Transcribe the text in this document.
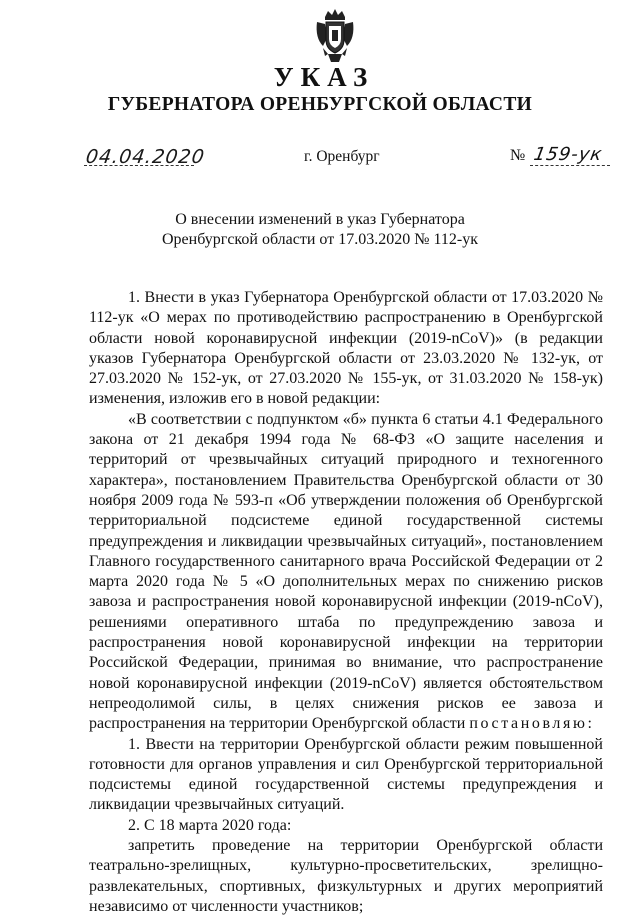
УКАЗ
ГУБЕРНАТОРА ОРЕНБУРГСКОЙ ОБЛАСТИ
04.04.2020	г. Оренбург	№ 159-ук
О внесении изменений в указ Губернатора
Оренбургской области от 17.03.2020 № 112-ук

1. Внести в указ Губернатора Оренбургской области от 17.03.2020 № 112-ук «О мерах по противодействию распространению в Оренбургской области новой коронавирусной инфекции (2019-nCoV)» (в редакции указов Губернатора Оренбургской области от 23.03.2020 № 132-ук, от 27.03.2020 № 152-ук, от 27.03.2020 № 155-ук, от 31.03.2020 № 158-ук) изменения, изложив его в новой редакции:

«В соответствии с подпунктом «б» пункта 6 статьи 4.1 Федерального закона от 21 декабря 1994 года № 68-ФЗ «О защите населения и территорий от чрезвычайных ситуаций природного и техногенного характера», постановлением Правительства Оренбургской области от 30 ноября 2009 года № 593-п «Об утверждении положения об Оренбургской территориальной подсистеме единой государственной системы предупреждения и ликвидации чрезвычайных ситуаций», постановлением Главного государственного санитарного врача Российской Федерации от 2 марта 2020 года № 5 «О дополнительных мерах по снижению рисков завоза и распространения новой коронавирусной инфекции (2019-nCoV), решениями оперативного штаба по предупреждению завоза и распространения новой коронавирусной инфекции на территории Российской Федерации, принимая во внимание, что распространение новой коронавирусной инфекции (2019-nCoV) является обстоятельством непреодолимой силы, в целях снижения рисков ее завоза и распространения на территории Оренбургской области постановляю:

1. Ввести на территории Оренбургской области режим повышенной готовности для органов управления и сил Оренбургской территориальной подсистемы единой государственной системы предупреждения и ликвидации чрезвычайных ситуаций.

2. С 18 марта 2020 года:

запретить проведение на территории Оренбургской области театрально-зрелищных, культурно-просветительских, зрелищно-развлекательных, спортивных, физкультурных и других мероприятий независимо от численности участников;
